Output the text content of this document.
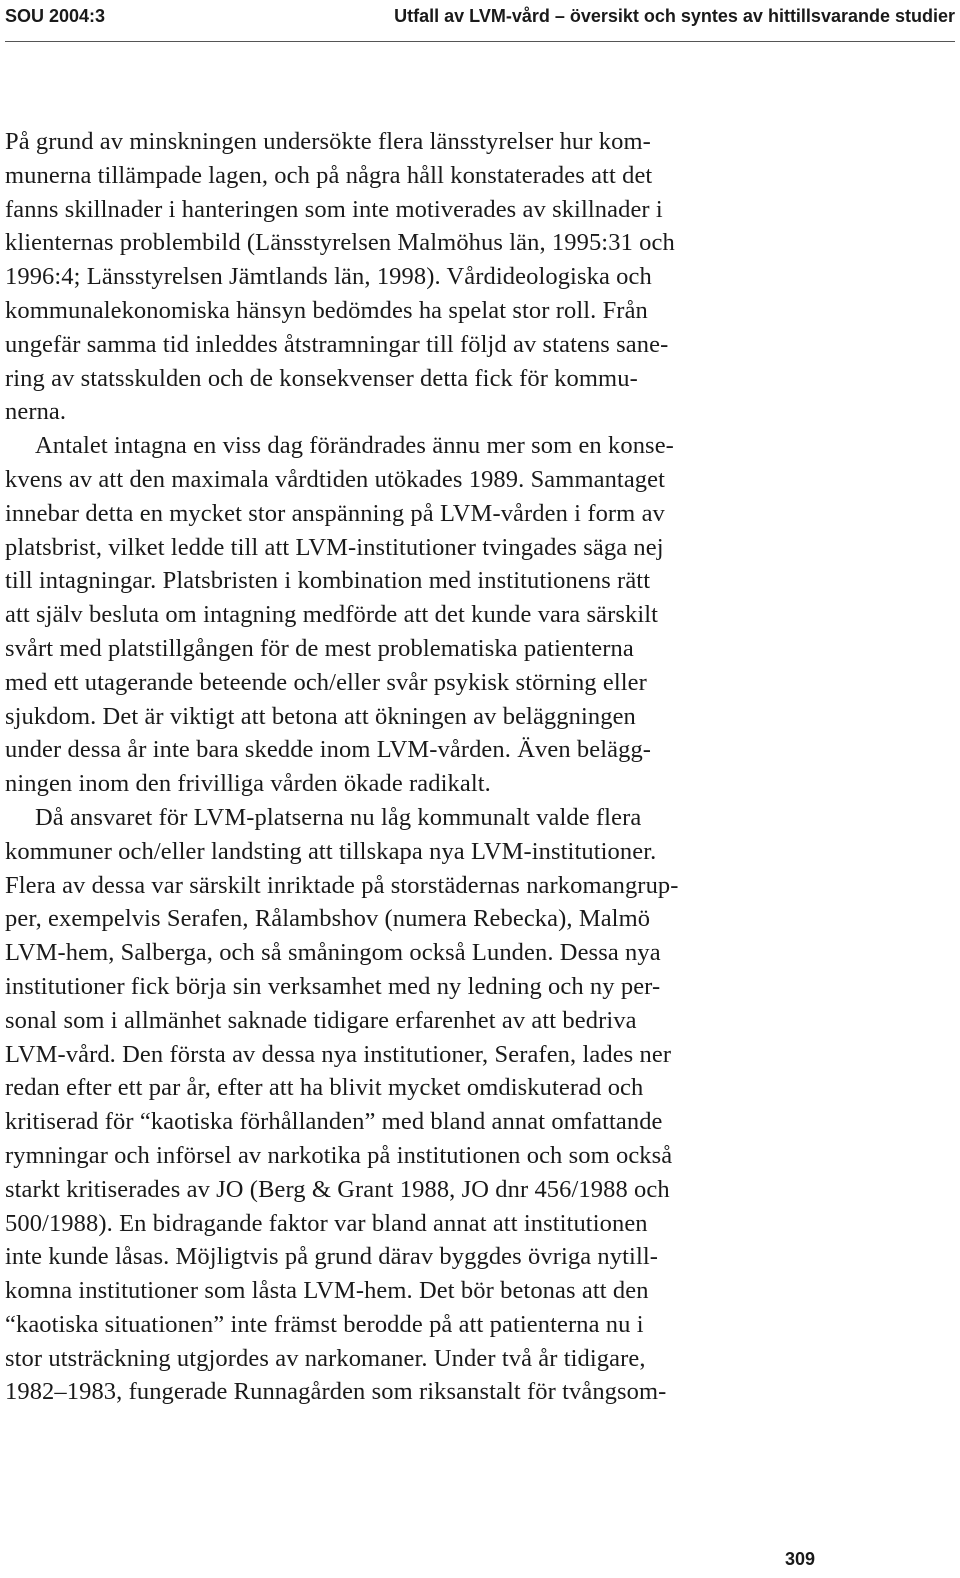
SOU 2004:3	Utfall av LVM-vård – översikt och syntes av hittillsvarande studier
På grund av minskningen undersökte flera länsstyrelser hur kom-
munerna tillämpade lagen, och på några håll konstaterades att det
fanns skillnader i hanteringen som inte motiverades av skillnader i
klienternas problembild (Länsstyrelsen Malmöhus län, 1995:31 och
1996:4; Länsstyrelsen Jämtlands län, 1998). Vårdideologiska och
kommunalekonomiska hänsyn bedömdes ha spelat stor roll. Från
ungefär samma tid inleddes åtstramningar till följd av statens sane-
ring av statsskulden och de konsekvenser detta fick för kommu-
nerna.
Antalet intagna en viss dag förändrades ännu mer som en konse-
kvens av att den maximala vårdtiden utökades 1989. Sammantaget
innebar detta en mycket stor anspänning på LVM-vården i form av
platsbrist, vilket ledde till att LVM-institutioner tvingades säga nej
till intagningar. Platsbristen i kombination med institutionens rätt
att själv besluta om intagning medförde att det kunde vara särskilt
svårt med platstillgången för de mest problematiska patienterna
med ett utagerande beteende och/eller svår psykisk störning eller
sjukdom. Det är viktigt att betona att ökningen av beläggningen
under dessa år inte bara skedde inom LVM-vården. Även belägg-
ningen inom den frivilliga vården ökade radikalt.
Då ansvaret för LVM-platserna nu låg kommunalt valde flera
kommuner och/eller landsting att tillskapa nya LVM-institutioner.
Flera av dessa var särskilt inriktade på storstädernas narkomangrup-
per, exempelvis Serafen, Rålambshov (numera Rebecka), Malmö
LVM-hem, Salberga, och så småningom också Lunden. Dessa nya
institutioner fick börja sin verksamhet med ny ledning och ny per-
sonal som i allmänhet saknade tidigare erfarenhet av att bedriva
LVM-vård. Den första av dessa nya institutioner, Serafen, lades ner
redan efter ett par år, efter att ha blivit mycket omdiskuterad och
kritiserad för “kaotiska förhållanden” med bland annat omfattande
rymningar och införsel av narkotika på institutionen och som också
starkt kritiserades av JO (Berg & Grant 1988, JO dnr 456/1988 och
500/1988). En bidragande faktor var bland annat att institutionen
inte kunde låsas. Möjligtvis på grund därav byggdes övriga nytill-
komna institutioner som låsta LVM-hem. Det bör betonas att den
“kaotiska situationen” inte främst berodde på att patienterna nu i
stor utsträckning utgjordes av narkomaner. Under två år tidigare,
1982–1983, fungerade Runnagården som riksanstalt för tvångsom-
309
